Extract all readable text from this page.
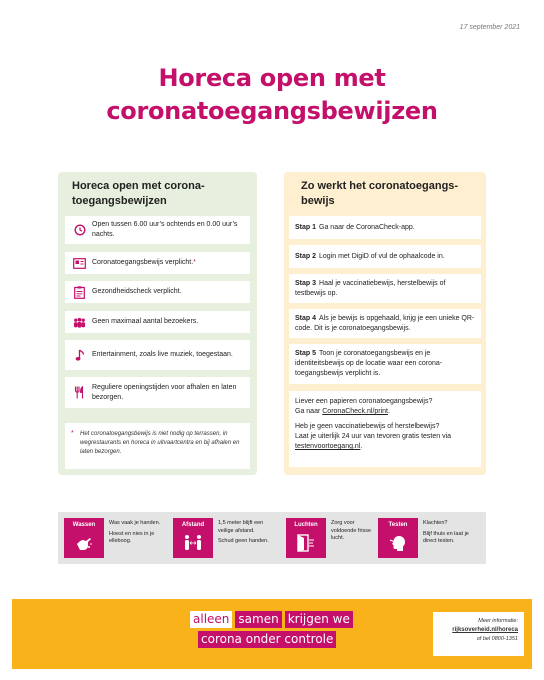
17 september 2021
Horeca open met
coronatoegangsbewijzen
Horeca open met corona-toegangsbewijzen
Open tussen 6.00 uur’s ochtends en 0.00 uur’s nachts.
Coronatoegangsbewijs verplicht.*
Gezondheidscheck verplicht.
Geen maximaal aantal bezoekers.
Entertainment, zoals live muziek, toegestaan.
Reguliere openingstijden voor afhalen en laten bezorgen.
*	Het coronatoegangsbewijs is niet nodig op terrassen, in wegrestaurants en horeca in uitvaartcentra en bij afhalen en laten bezorgen.
Zo werkt het coronatoegangs-bewijs
Stap 1 Ga naar de CoronaCheck-app.
Stap 2 Login met DigiD of vul de ophaalcode in.
Stap 3 Haal je vaccinatiebewijs, herstelbewijs of testbewijs op.
Stap 4 Als je bewijs is opgehaald, krijg je een unieke QR-code. Dit is je coronatoegangsbewijs.
Stap 5 Toon je coronatoegangsbewijs en je identiteitsbewijs op de locatie waar een corona-toegangsbewijs verplicht is.

Liever een papieren coronatoegangsbewijs?
Ga naar CoronaCheck.nl/print.

Heb je geen vaccinatiebewijs of herstelbewijs?
Laat je uiterlijk 24 uur van tevoren gratis testen via
testenvoortoegang.nl.

Wassen	Was vaak je handen.

Hoest en nies in je elleboog.

Afstand	1,5 meter blijft een veilige afstand.

Schud geen handen.

Luchten	Zorg voor voldoende frisse lucht.

Testen	Klachten?

Blijf thuis en laat je direct testen.

alleen samen krijgen we
corona onder controle
Meer informatie:
rijksoverheid.nl/horeca
of bel 0800-1351
